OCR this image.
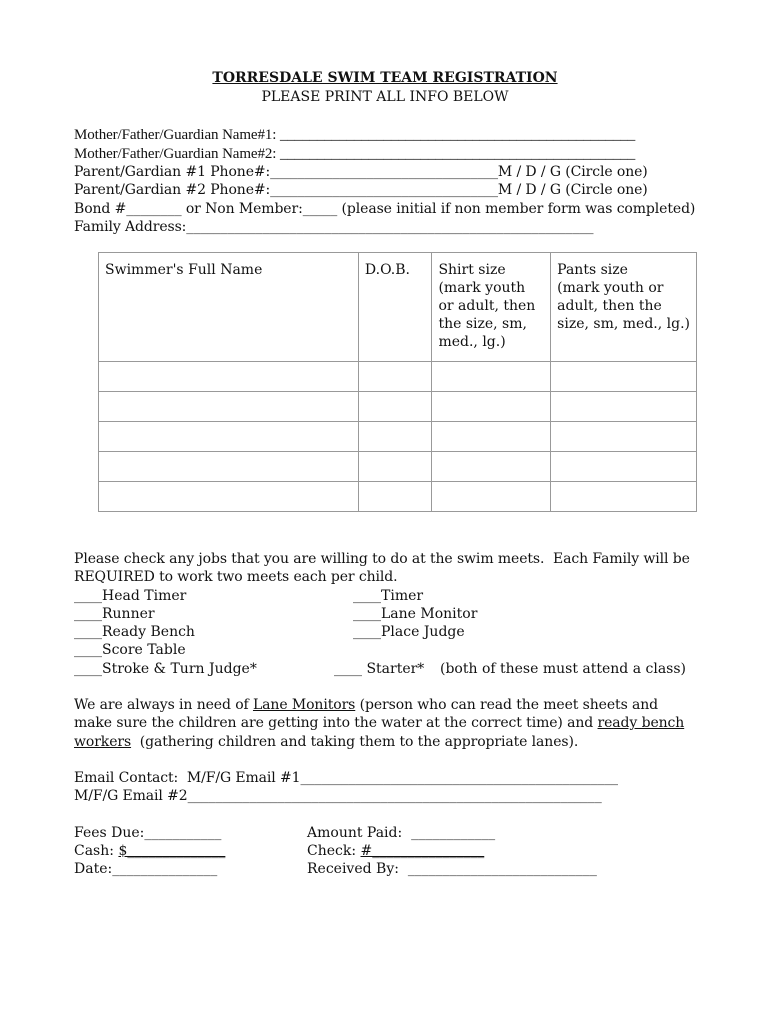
TORRESDALE SWIM TEAM REGISTRATION
PLEASE PRINT ALL INFO BELOW
Mother/Father/Guardian Name#1: ________________________________________________
Mother/Father/Guardian Name#2: ________________________________________________
Parent/Gardian #1 Phone#:_________________________________M / D / G (Circle one)
Parent/Gardian #2 Phone#:_________________________________M / D / G (Circle one)
Bond #________ or Non Member:_____ (please initial if non member form was completed)
Family Address:___________________________________________________________
Swimmer's Full Name	D.O.B.	Shirt size
(mark youth
or adult, then
the size, sm,
med., lg.)	Pants size
(mark youth or
adult, then the
size, sm, med., lg.)

Please check any jobs that you are willing to do at the swim meets.  Each Family will be
REQUIRED to work two meets each per child.
____Head Timer	____Timer
____Runner	____Lane Monitor
____Ready Bench	____Place Judge
____Score Table
____Stroke & Turn Judge*	____ Starter* (both of these must attend a class)
We are always in need of Lane Monitors (person who can read the meet sheets and
make sure the children are getting into the water at the correct time) and ready bench
workers  (gathering children and taking them to the appropriate lanes).
Email Contact:  M/F/G Email #1______________________________________________
M/F/G Email #2____________________________________________________________
Fees Due:___________	Amount Paid:  ____________
Cash: $______________	Check: #________________
Date:_______________	Received By:  ___________________________
